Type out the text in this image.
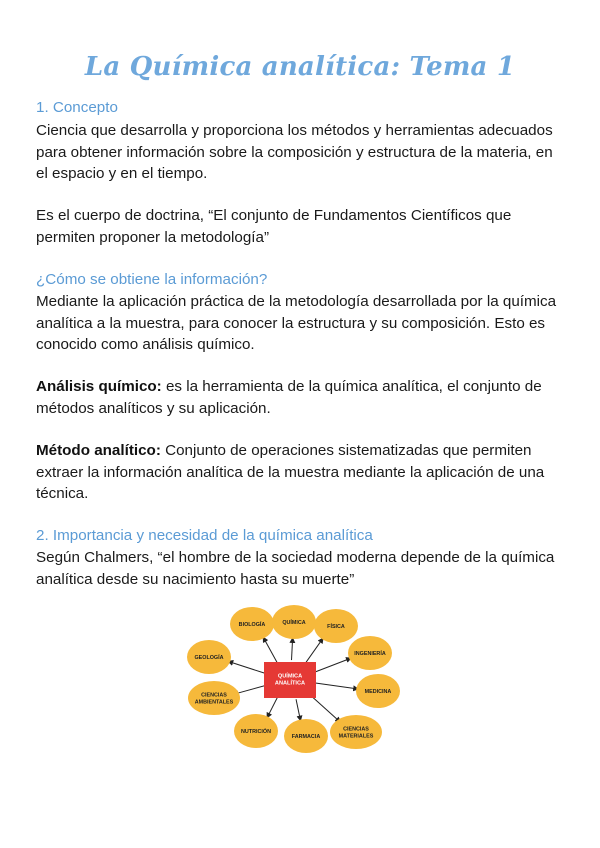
La Química analítica: Tema 1
1. Concepto
Ciencia que desarrolla y proporciona los métodos y herramientas adecuados para obtener información sobre la composición y estructura de la materia, en el espacio y en el tiempo.
Es el cuerpo de doctrina, “El conjunto de Fundamentos Científicos que permiten proponer la metodología”
¿Cómo se obtiene la información?
Mediante la aplicación práctica de la metodología desarrollada por la química analítica a la muestra, para conocer la estructura y su composición. Esto es conocido como análisis químico.
Análisis químico: es la herramienta de la química analítica, el conjunto de métodos analíticos y su aplicación.
Método analítico: Conjunto de operaciones sistematizadas que permiten extraer la información analítica de la muestra mediante la aplicación de una técnica.
2. Importancia y necesidad de la química analítica
Según Chalmers, “el hombre de la sociedad moderna depende de la química analítica desde su nacimiento hasta su muerte”
BIOLOGÍA	QUÍMICA
FÍSICA
INGENIERÍA
MEDICINA
CIENCIAS
MATERIALES
FARMACIA
NUTRICIÓN
CIENCIAS
AMBIENTALES
GEOLOGÍA
QUÍMICA
ANALÍTICA
